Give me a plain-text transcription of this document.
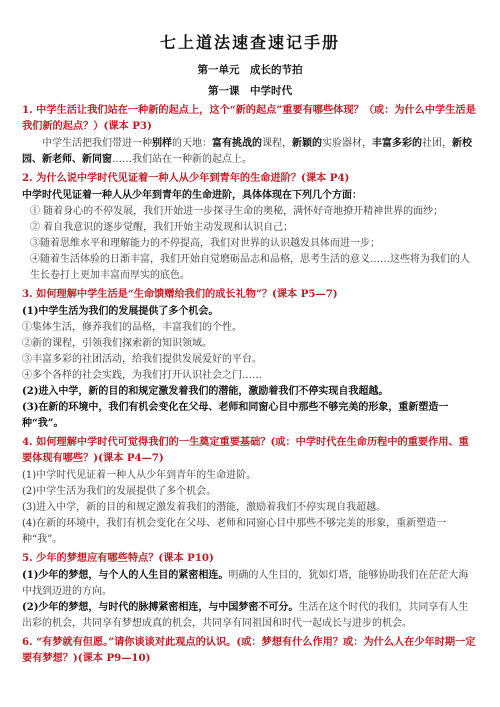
七上道法速查速记手册
第一单元　成长的节拍
第一课　中学时代
1. 中学生活让我们站在一种新的起点上，这个“新的起点”重要有哪些体现？（或：为什么中学生活是我们新的起点？）(课本 P3)

中学生活把我们带进一种别样的天地：富有挑战的课程，新颖的实验器材，丰富多彩的社团，新校园、新老师、新同窗……我们站在一种新的起点上。

2. 为什么说中学时代见证着一种人从少年到青年的生命进阶？(课本 P4)

中学时代见证着一种人从少年到青年的生命进阶，具体体现在下列几个方面：

① 随着身心的不停发展，我们开始进一步探寻生命的奥秘，满怀好奇地撩开精神世界的面纱；

② 着自我意识的逐步觉醒，我们开始主动发现和认识自己；

③随着思维水平和理解能力的不停提高，我们对世界的认识越发具体而进一步；

④随着生活体验的日渐丰富，我们开始自觉磨砺品志和品格，思考生活的意义……这些将为我们的人生长卷打上更加丰富而厚实的底色。

3. 如何理解中学生活是“生命馈赠给我们的成长礼物”？(课本 P5—7)

(1)中学生活为我们的发展提供了多个机会。

①集体生活，修养我们的品格，丰富我们的个性。

②新的课程，引领我们探索新的知识领域。

③丰富多彩的社团活动，给我们提供发展爱好的平台。

④多个各样的社会实践，为我们打开认识社会之门……

(2)进入中学，新的目的和规定激发着我们的潜能，激励着我们不停实现自我超越。

(3)在新的环境中，我们有机会变化在父母、老师和同窗心目中那些不够完美的形象，重新塑造一种“我”。

4. 如何理解中学时代可觉得我们的一生奠定重要基础？(或：中学时代在生命历程中的重要作用、重要体现有哪些？)(课本 P4—7)

(1)中学时代见证着一种人从少年到青年的生命进阶。

(2)中学生活为我们的发展提供了多个机会。

(3)进入中学，新的目的和规定激发着我们的潜能，激励着我们不停实现自我超越。

(4)在新的环境中，我们有机会变化在父母、老师和同窗心目中那些不够完美的形象，重新塑造一种“我”。

5. 少年的梦想应有哪些特点？(课本 P10)

(1)少年的梦想，与个人的人生目的紧密相连。明确的人生目的，犹如灯塔，能够协助我们在茫茫大海中找到迈进的方向。

(2)少年的梦想，与时代的脉搏紧密相连，与中国梦密不可分。生活在这个时代的我们，共同享有人生出彩的机会，共同享有梦想成真的机会，共同享有同祖国和时代一起成长与进步的机会。

6. “有梦就有但愿。”请你谈谈对此观点的认识。(或：梦想有什么作用？或：为什么人在少年时期一定要有梦想？)(课本 P9—10)
